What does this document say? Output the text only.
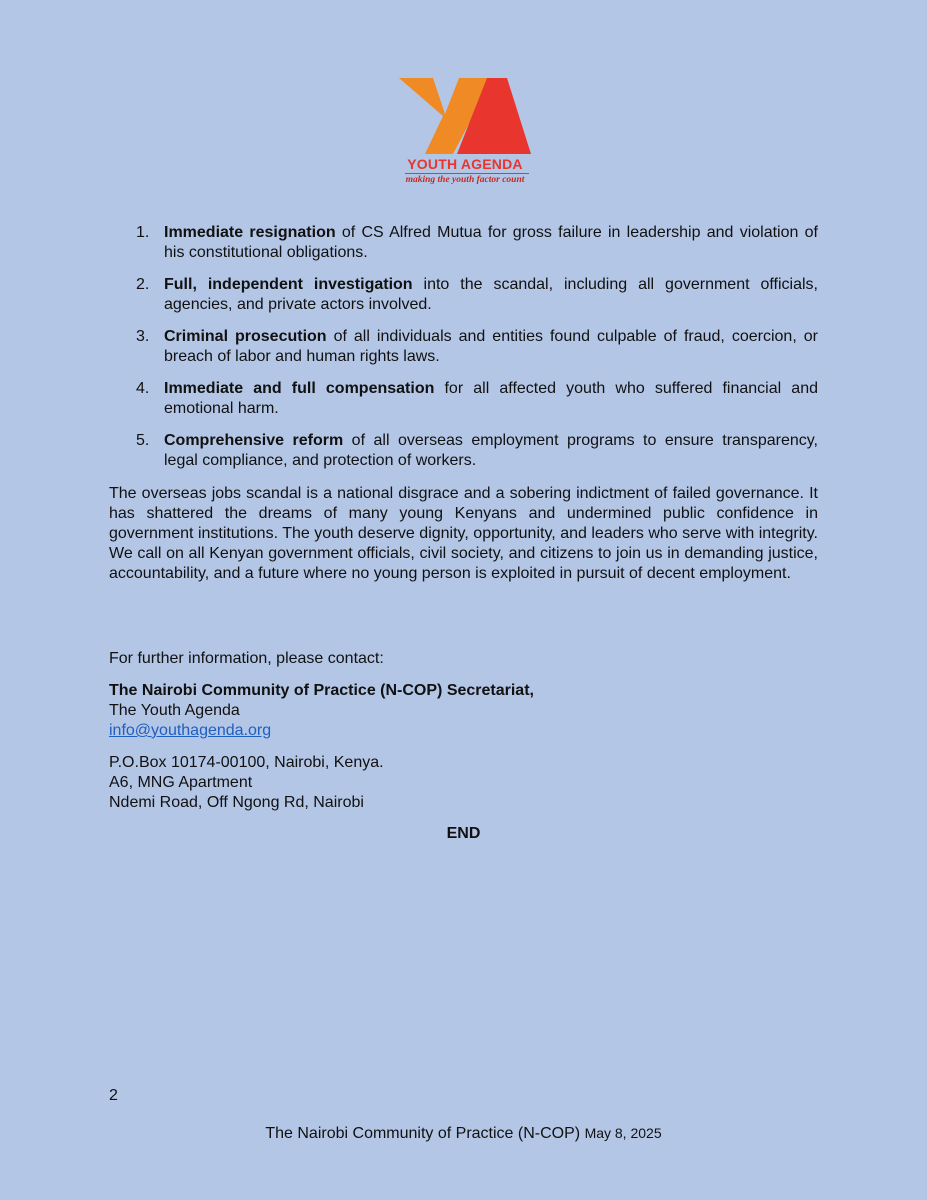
YOUTH AGENDA
making the youth factor count
1. Immediate resignation of CS Alfred Mutua for gross failure in leadership and violation of his constitutional obligations.
2. Full, independent investigation into the scandal, including all government officials, agencies, and private actors involved.
3. Criminal prosecution of all individuals and entities found culpable of fraud, coercion, or breach of labor and human rights laws.
4. Immediate and full compensation for all affected youth who suffered financial and emotional harm.
5. Comprehensive reform of all overseas employment programs to ensure transparency, legal compliance, and protection of workers.

The overseas jobs scandal is a national disgrace and a sobering indictment of failed governance. It has shattered the dreams of many young Kenyans and undermined public confidence in government institutions. The youth deserve dignity, opportunity, and leaders who serve with integrity. We call on all Kenyan government officials, civil society, and citizens to join us in demanding justice, accountability, and a future where no young person is exploited in pursuit of decent employment.

For further information, please contact:

The Nairobi Community of Practice (N-COP) Secretariat,
The Youth Agenda
info@youthagenda.org
P.O.Box 10174-00100, Nairobi, Kenya.
A6, MNG Apartment
Ndemi Road, Off Ngong Rd, Nairobi
END
2
The Nairobi Community of Practice (N-COP) May 8, 2025
